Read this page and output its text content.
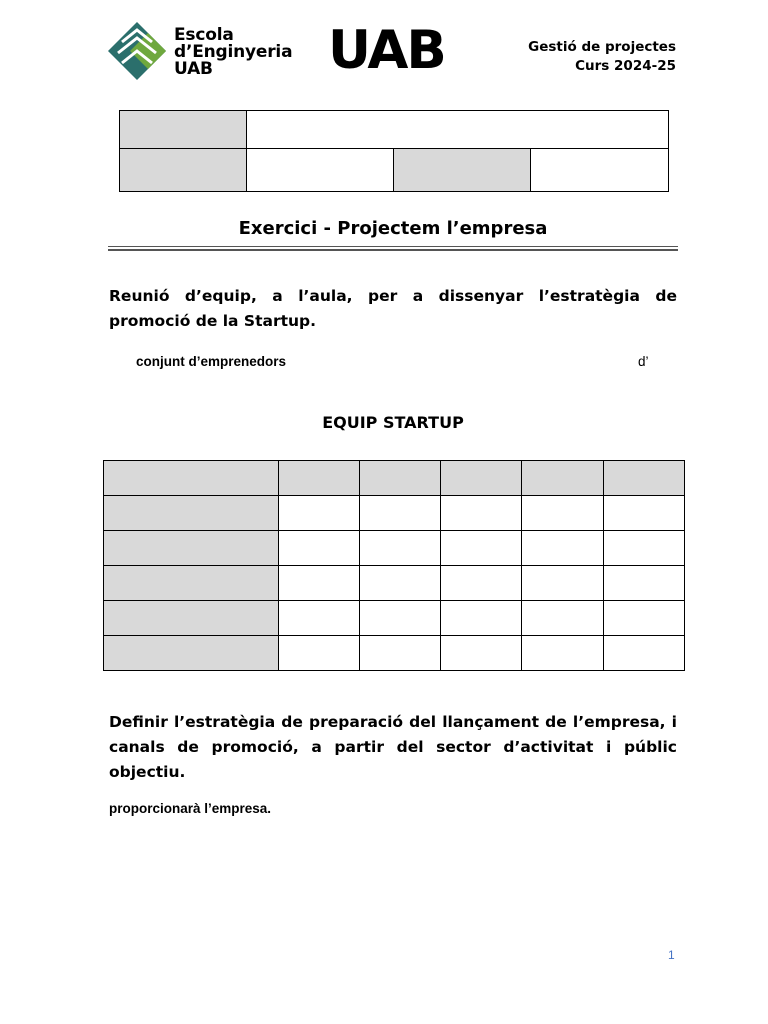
Escola
d’Enginyeria
UAB	UAB	Gestió de projectes
Curs 2024-25

Exercici - Projectem l’empresa
Reunió d’equip, a l’aula, per a dissenyar l’estratègia de promoció de la Startup.
conjunt d’emprenedors	d’
EQUIP STARTUP

Definir l’estratègia de preparació del llançament de l’empresa, i canals de promoció, a partir del sector d’activitat i públic objectiu.
proporcionarà l’empresa.
1
